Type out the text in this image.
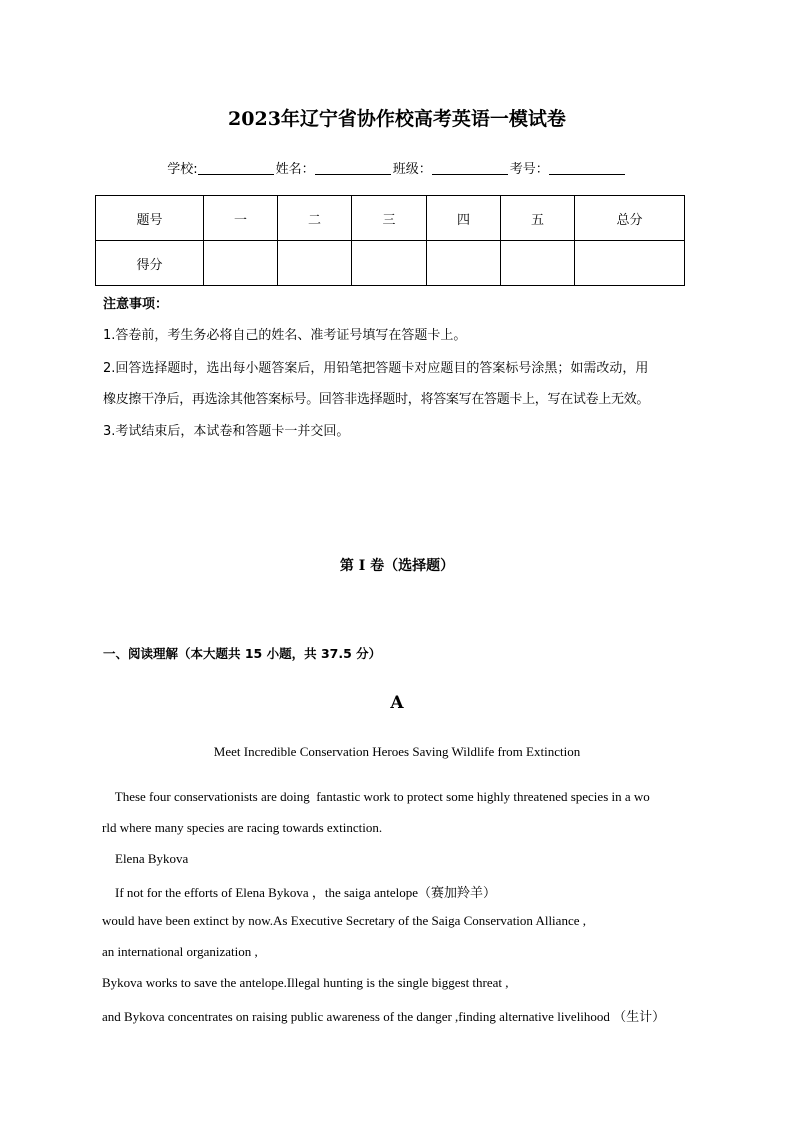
2023年辽宁省协作校高考英语一模试卷
学校:	姓名：	班级：	考号：
题号	一	二	三	四	五	总分
得分						
注意事项：
1.答卷前，考生务必将自己的姓名、准考证号填写在答题卡上。
2.回答选择题时，选出每小题答案后，用铅笔把答题卡对应题目的答案标号涂黑；如需改动，用
橡皮擦干净后，再选涂其他答案标号。回答非选择题时，将答案写在答题卡上，写在试卷上无效。
3.考试结束后，本试卷和答题卡一并交回。
第 I 卷（选择题）
一、阅读理解（本大题共 15 小题，共 37.5 分）
A
Meet Incredible Conservation Heroes Saving Wildlife from Extinction
These four conservationists are doing  fantastic work to protect some highly threatened species in a wo
rld where many species are racing towards extinction.
Elena Bykova
If not for the efforts of Elena Bykova ，the saiga antelope（赛加羚羊）
would have been extinct by now.As Executive Secretary of the Saiga Conservation Alliance ,
an international organization ,
Bykova works to save the antelope.Illegal hunting is the single biggest threat ,
and Bykova concentrates on raising public awareness of the danger ,finding alternative livelihood （生计）
